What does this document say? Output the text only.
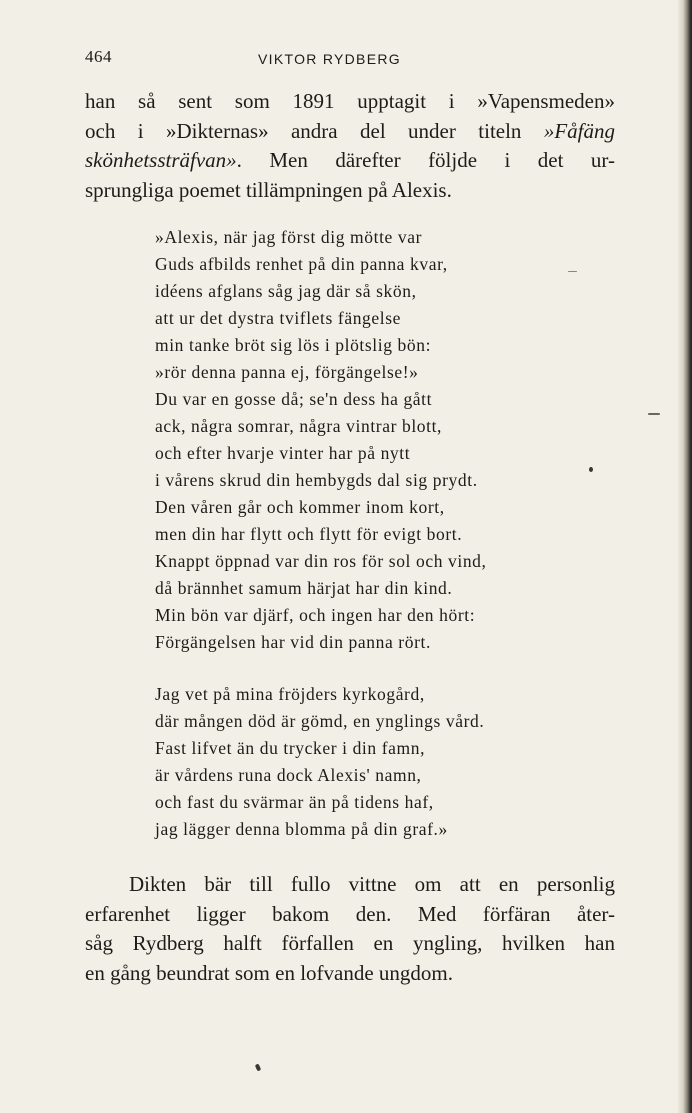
464	VIKTOR RYDBERG

han så sent som 1891 upptagit i »Vapensmeden»
och i »Dikternas» andra del under titeln »Fåfäng
skönhetssträfvan». Men därefter följde i det ur-
sprungliga poemet tillämpningen på Alexis.

»Alexis, när jag först dig mötte var
Guds afbilds renhet på din panna kvar,
idéens afglans såg jag där så skön,
att ur det dystra tviflets fängelse
min tanke bröt sig lös i plötslig bön:
»rör denna panna ej, förgängelse!»
Du var en gosse då; se'n dess ha gått
ack, några somrar, några vintrar blott,
och efter hvarje vinter har på nytt
i vårens skrud din hembygds dal sig prydt.
Den våren går och kommer inom kort,
men din har flytt och flytt för evigt bort.
Knappt öppnad var din ros för sol och vind,
då brännhet samum härjat har din kind.
Min bön var djärf, och ingen har den hört:
Förgängelsen har vid din panna rört.
Jag vet på mina fröjders kyrkogård,
där mången död är gömd, en ynglings vård.
Fast lifvet än du trycker i din famn,
är vårdens runa dock Alexis' namn,
och fast du svärmar än på tidens haf,
jag lägger denna blomma på din graf.»

Dikten bär till fullo vittne om att en personlig
erfarenhet ligger bakom den. Med förfäran åter-
såg Rydberg halft förfallen en yngling, hvilken han
en gång beundrat som en lofvande ungdom.
